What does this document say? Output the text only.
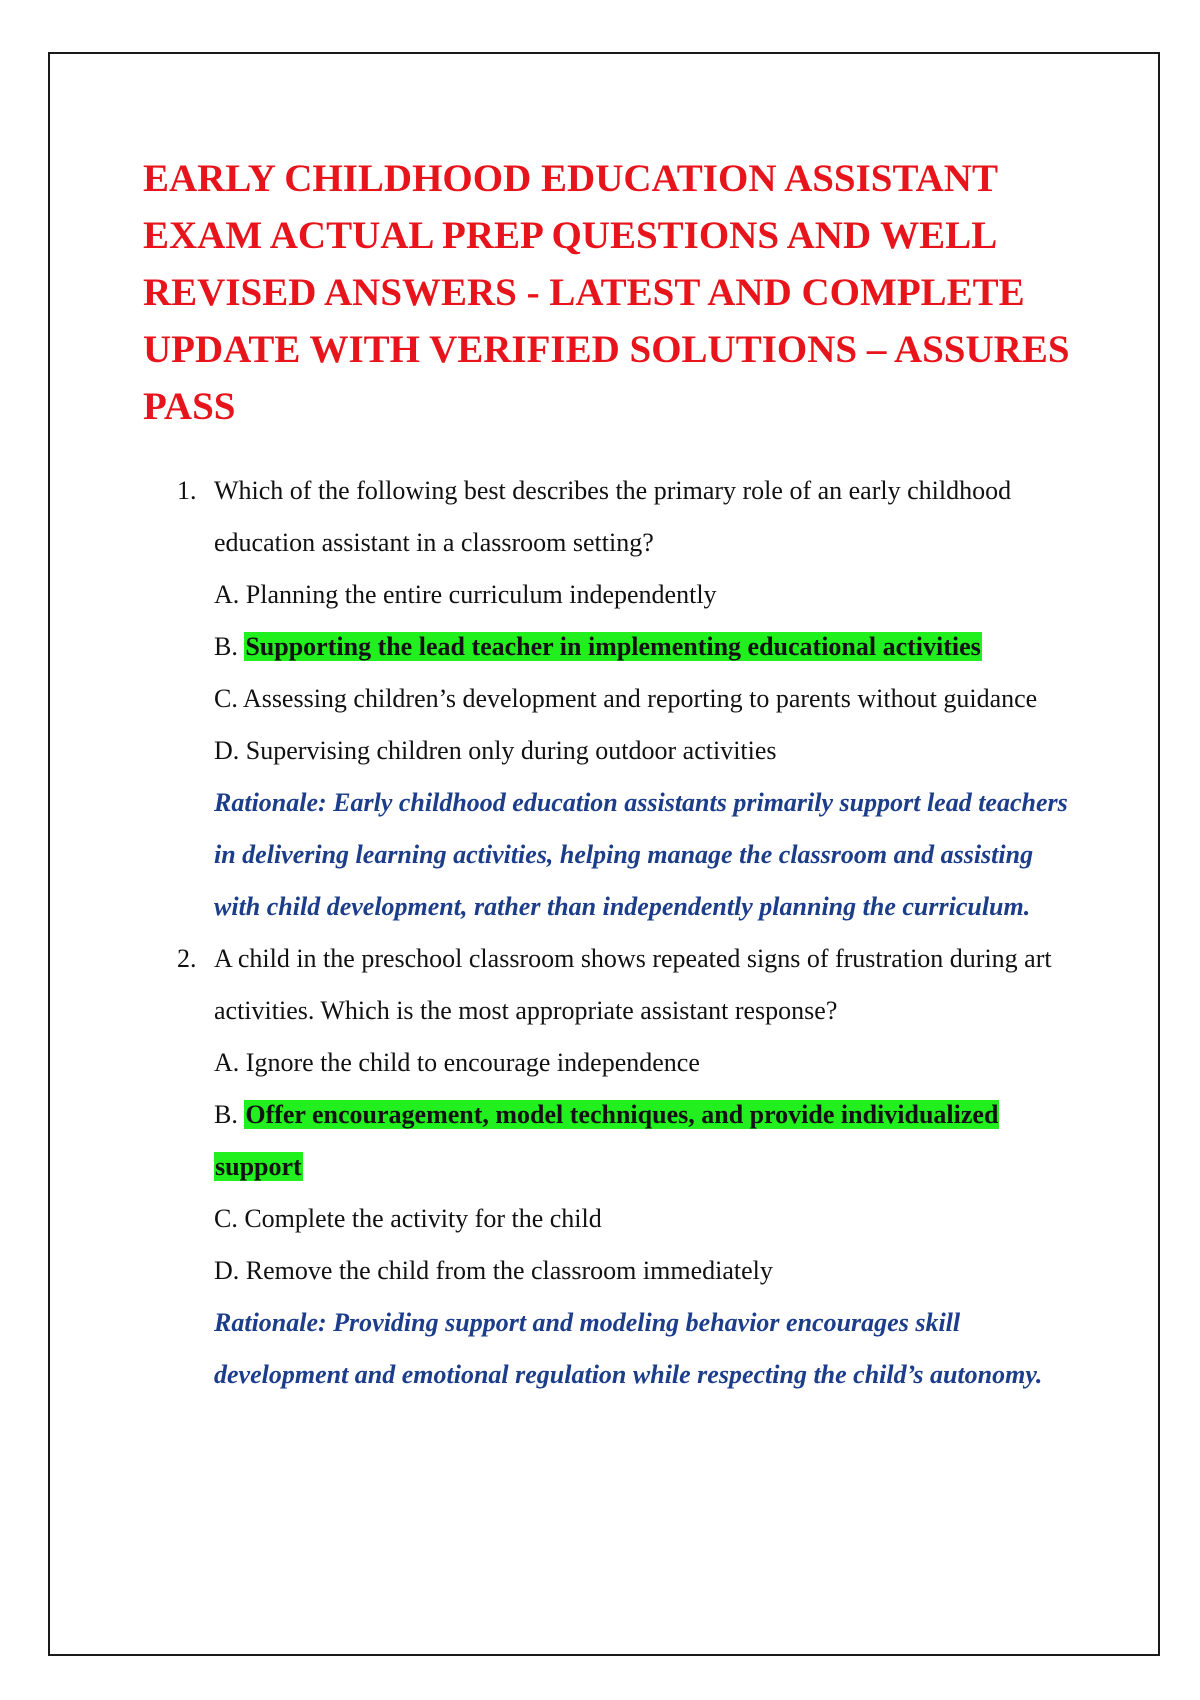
EARLY CHILDHOOD EDUCATION ASSISTANT EXAM ACTUAL PREP QUESTIONS AND WELL REVISED ANSWERS - LATEST AND COMPLETE UPDATE WITH VERIFIED SOLUTIONS – ASSURES PASS
1. Which of the following best describes the primary role of an early childhood education assistant in a classroom setting?

A. Planning the entire curriculum independently

B. Supporting the lead teacher in implementing educational activities

C. Assessing children’s development and reporting to parents without guidance

D. Supervising children only during outdoor activities

Rationale: Early childhood education assistants primarily support lead teachers in delivering learning activities, helping manage the classroom and assisting with child development, rather than independently planning the curriculum.

2. A child in the preschool classroom shows repeated signs of frustration during art activities. Which is the most appropriate assistant response?

A. Ignore the child to encourage independence

B. Offer encouragement, model techniques, and provide individualized support

C. Complete the activity for the child

D. Remove the child from the classroom immediately

Rationale: Providing support and modeling behavior encourages skill development and emotional regulation while respecting the child’s autonomy.
